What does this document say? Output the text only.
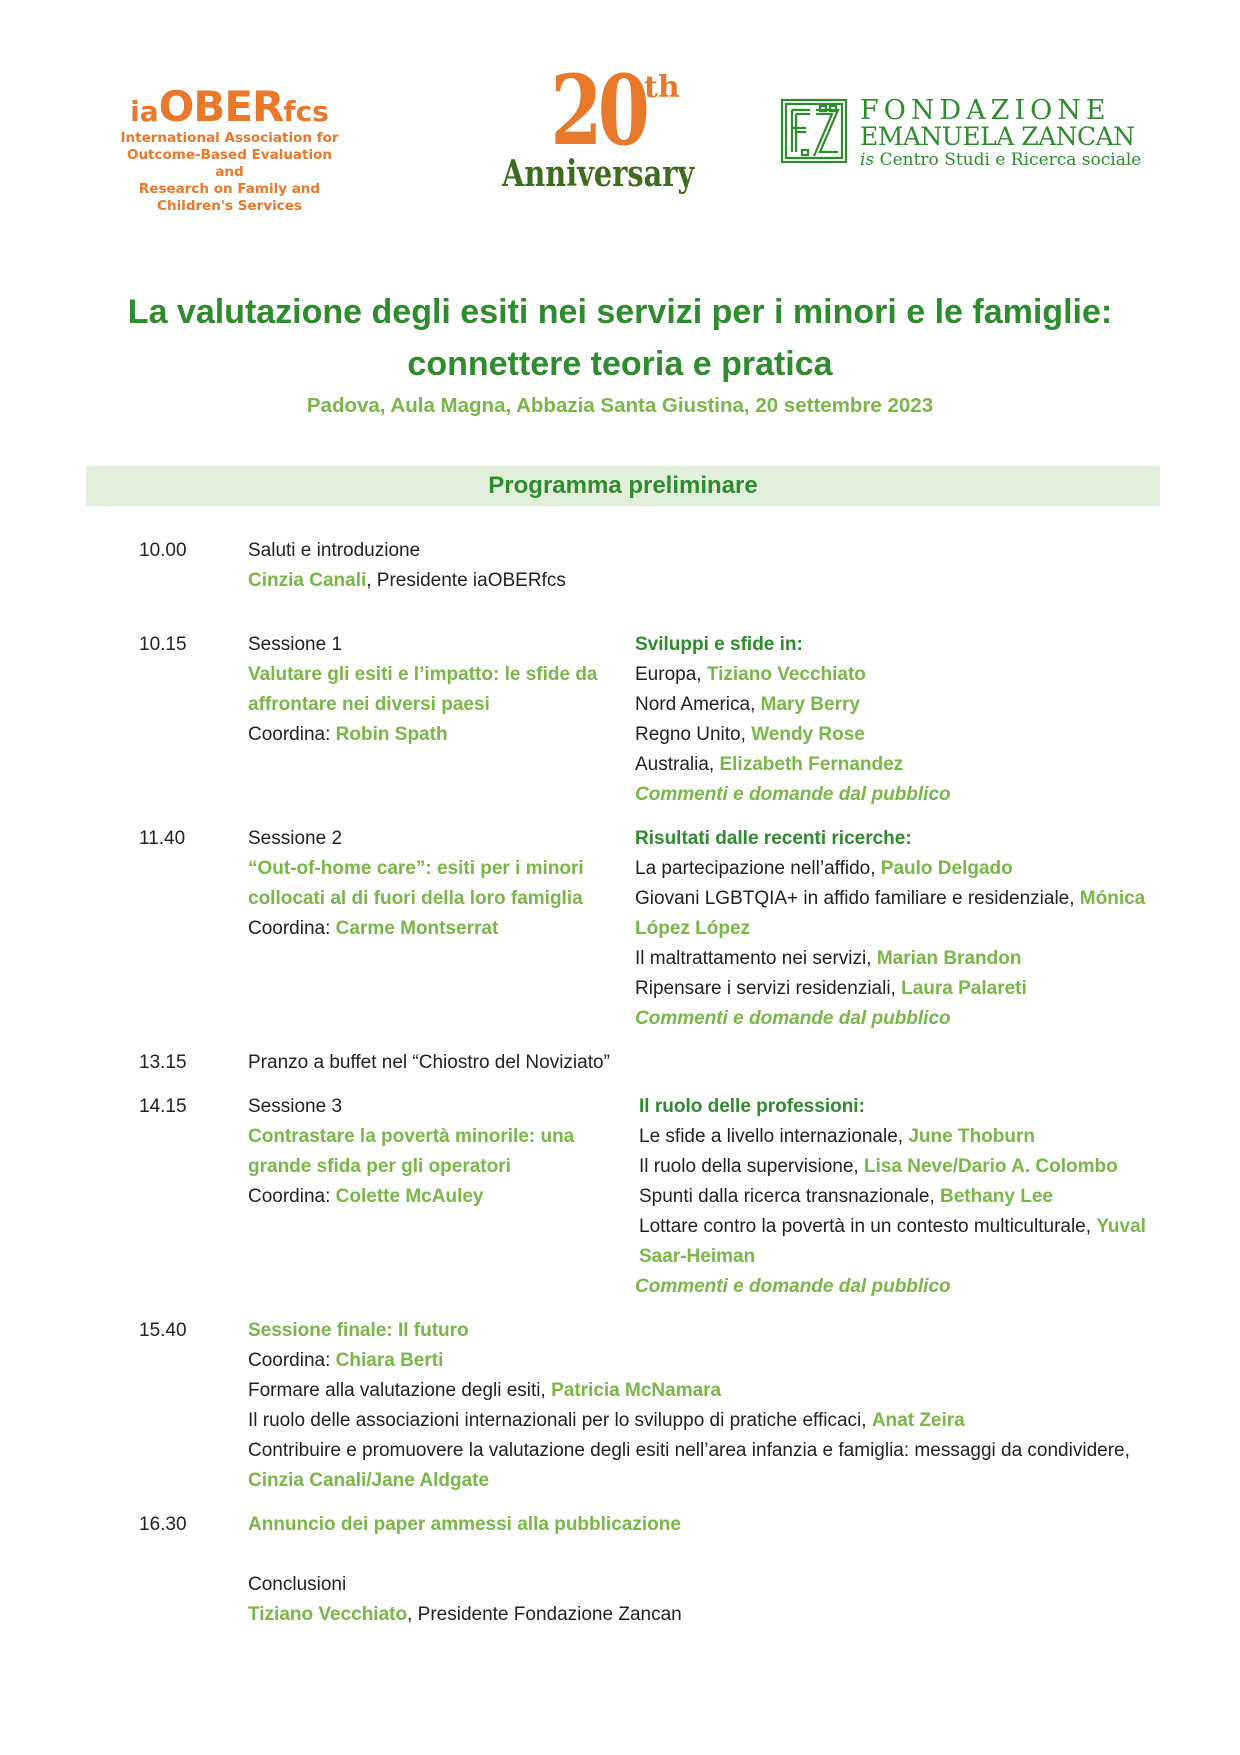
iaOBERfcs
International Association for
Outcome-Based Evaluation and
Research on Family and
Children's Services
20
th
Anniversary
FONDAZIONE
EMANUELA ZANCAN
is Centro Studi e Ricerca sociale
La valutazione degli esiti nei servizi per i minori e le famiglie:
connettere teoria e pratica
Padova, Aula Magna, Abbazia Santa Giustina, 20 settembre 2023
Programma preliminare
10.00	Saluti e introduzione
Cinzia Canali, Presidente iaOBERfcs
10.15	Sessione 1
Valutare gli esiti e l’impatto: le sfide da
affrontare nei diversi paesi
Coordina: Robin Spath
Sviluppi e sfide in:
Europa, Tiziano Vecchiato
Nord America, Mary Berry
Regno Unito, Wendy Rose
Australia, Elizabeth Fernandez
Commenti e domande dal pubblico
11.40	Sessione 2
“Out-of-home care”: esiti per i minori
collocati al di fuori della loro famiglia
Coordina: Carme Montserrat
Risultati dalle recenti ricerche:
La partecipazione nell’affido, Paulo Delgado
Giovani LGBTQIA+ in affido familiare e residenziale, Mónica
López López
Il maltrattamento nei servizi, Marian Brandon
Ripensare i servizi residenziali, Laura Palareti
Commenti e domande dal pubblico
13.15	Pranzo a buffet nel “Chiostro del Noviziato”
14.15	Sessione 3
Contrastare la povertà minorile: una
grande sfida per gli operatori
Coordina: Colette McAuley
Il ruolo delle professioni:
Le sfide a livello internazionale, June Thoburn
Il ruolo della supervisione, Lisa Neve/Dario A. Colombo
Spunti dalla ricerca transnazionale, Bethany Lee
Lottare contro la povertà in un contesto multiculturale, Yuval
Saar-Heiman
Commenti e domande dal pubblico
15.40	Sessione finale: Il futuro
Coordina: Chiara Berti
Formare alla valutazione degli esiti, Patricia McNamara
Il ruolo delle associazioni internazionali per lo sviluppo di pratiche efficaci, Anat Zeira
Contribuire e promuovere la valutazione degli esiti nell’area infanzia e famiglia: messaggi da condividere,
Cinzia Canali/Jane Aldgate
16.30	Annuncio dei paper ammessi alla pubblicazione
Conclusioni
Tiziano Vecchiato, Presidente Fondazione Zancan
